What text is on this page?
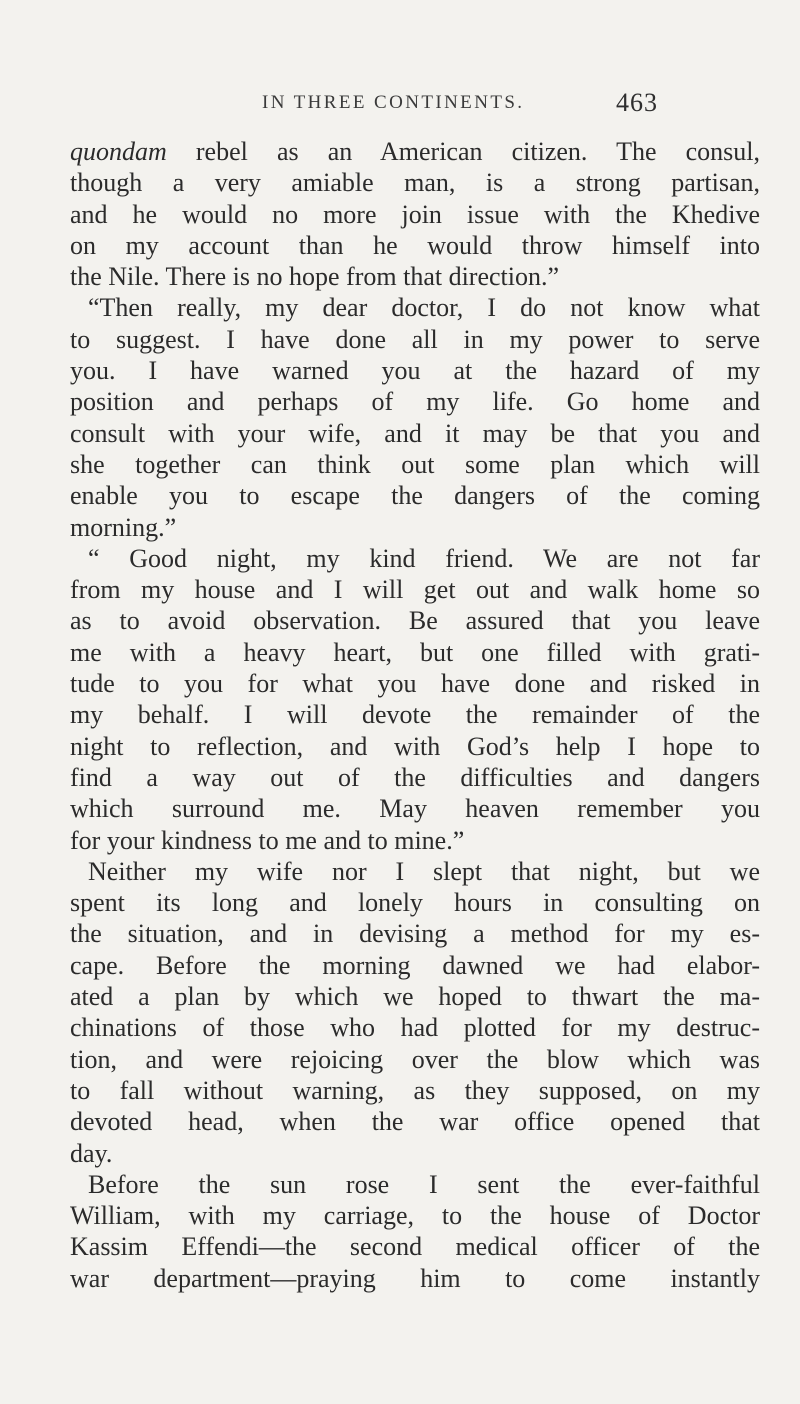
IN THREE CONTINENTS.	463
quondam rebel as an American citizen. The consul,
though a very amiable man, is a strong partisan,
and he would no more join issue with the Khedive
on my account than he would throw himself into
the Nile. There is no hope from that direction.”
“Then really, my dear doctor, I do not know what
to suggest. I have done all in my power to serve
you. I have warned you at the hazard of my
position and perhaps of my life. Go home and
consult with your wife, and it may be that you and
she together can think out some plan which will
enable you to escape the dangers of the coming
morning.”
“ Good night, my kind friend. We are not far
from my house and I will get out and walk home so
as to avoid observation. Be assured that you leave
me with a heavy heart, but one filled with grati-
tude to you for what you have done and risked in
my behalf. I will devote the remainder of the
night to reflection, and with God’s help I hope to
find a way out of the difficulties and dangers
which surround me. May heaven remember you
for your kindness to me and to mine.”
Neither my wife nor I slept that night, but we
spent its long and lonely hours in consulting on
the situation, and in devising a method for my es-
cape. Before the morning dawned we had elabor-
ated a plan by which we hoped to thwart the ma-
chinations of those who had plotted for my destruc-
tion, and were rejoicing over the blow which was
to fall without warning, as they supposed, on my
devoted head, when the war office opened that
day.
Before the sun rose I sent the ever-faithful
William, with my carriage, to the house of Doctor
Kassim Effendi—the second medical officer of the
war department—praying him to come instantly
